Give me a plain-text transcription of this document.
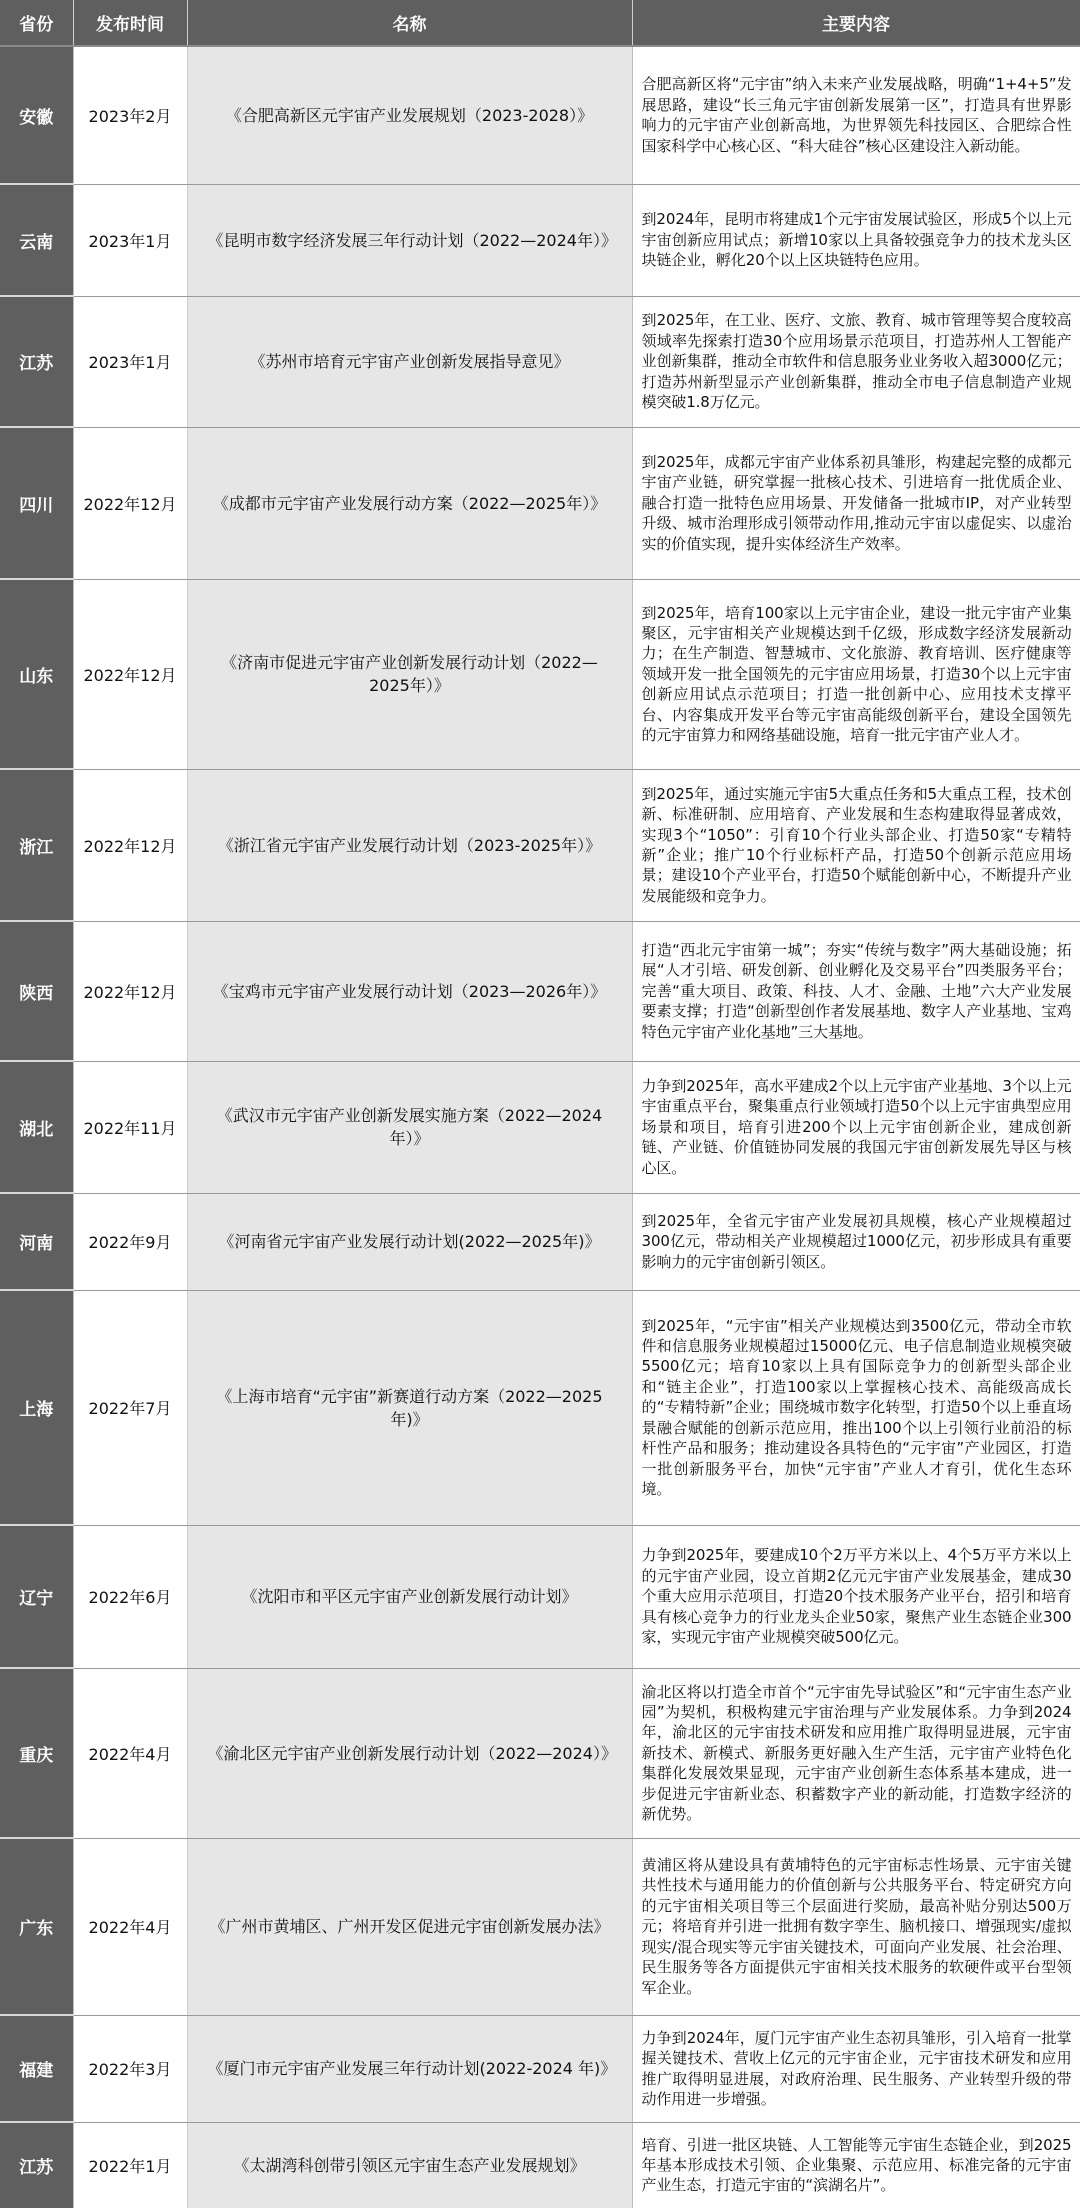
省份	发布时间	名称	主要内容
安徽	2023年2月	《合肥高新区元宇宙产业发展规划（2023-2028）》	合肥高新区将“元宇宙”纳入未来产业发展战略，明确“1+4+5”发展思路，建设“长三角元宇宙创新发展第一区”，打造具有世界影响力的元宇宙产业创新高地，为世界领先科技园区、合肥综合性国家科学中心核心区、“科大硅谷”核心区建设注入新动能。
云南	2023年1月	《昆明市数字经济发展三年行动计划（2022—2024年）》	到2024年，昆明市将建成1个元宇宙发展试验区，形成5个以上元宇宙创新应用试点；新增10家以上具备较强竞争力的技术龙头区块链企业，孵化20个以上区块链特色应用。
江苏	2023年1月	《苏州市培育元宇宙产业创新发展指导意见》	到2025年，在工业、医疗、文旅、教育、城市管理等契合度较高领域率先探索打造30个应用场景示范项目，打造苏州人工智能产业创新集群，推动全市软件和信息服务业业务收入超3000亿元；打造苏州新型显示产业创新集群，推动全市电子信息制造产业规模突破1.8万亿元。
四川	2022年12月	《成都市元宇宙产业发展行动方案（2022—2025年）》	到2025年，成都元宇宙产业体系初具雏形，构建起完整的成都元宇宙产业链，研究掌握一批核心技术、引进培育一批优质企业、融合打造一批特色应用场景、开发储备一批城市IP，对产业转型升级、城市治理形成引领带动作用,推动元宇宙以虚促实、以虚治实的价值实现，提升实体经济生产效率。
山东	2022年12月	《济南市促进元宇宙产业创新发展行动计划（2022—2025年）》	到2025年，培育100家以上元宇宙企业，建设一批元宇宙产业集聚区，元宇宙相关产业规模达到千亿级，形成数字经济发展新动力；在生产制造、智慧城市、文化旅游、教育培训、医疗健康等领域开发一批全国领先的元宇宙应用场景，打造30个以上元宇宙创新应用试点示范项目；打造一批创新中心、应用技术支撑平台、内容集成开发平台等元宇宙高能级创新平台，建设全国领先的元宇宙算力和网络基础设施，培育一批元宇宙产业人才。
浙江	2022年12月	《浙江省元宇宙产业发展行动计划（2023-2025年）》	到2025年，通过实施元宇宙5大重点任务和5大重点工程，技术创新、标准研制、应用培育、产业发展和生态构建取得显著成效，实现3个“1050”：引育10个行业头部企业、打造50家“专精特新”企业；推广10个行业标杆产品，打造50个创新示范应用场景；建设10个产业平台，打造50个赋能创新中心，不断提升产业发展能级和竞争力。
陕西	2022年12月	《宝鸡市元宇宙产业发展行动计划（2023—2026年）》	打造“西北元宇宙第一城”；夯实“传统与数字”两大基础设施；拓展“人才引培、研发创新、创业孵化及交易平台”四类服务平台；完善“重大项目、政策、科技、人才、金融、土地”六大产业发展要素支撑；打造“创新型创作者发展基地、数字人产业基地、宝鸡特色元宇宙产业化基地”三大基地。
湖北	2022年11月	《武汉市元宇宙产业创新发展实施方案（2022—2024年）》	力争到2025年，高水平建成2个以上元宇宙产业基地、3个以上元宇宙重点平台，聚集重点行业领域打造50个以上元宇宙典型应用场景和项目，培育引进200个以上元宇宙创新企业，建成创新链、产业链、价值链协同发展的我国元宇宙创新发展先导区与核心区。
河南	2022年9月	《河南省元宇宙产业发展行动计划(2022—2025年)》	到2025年，全省元宇宙产业发展初具规模，核心产业规模超过300亿元，带动相关产业规模超过1000亿元，初步形成具有重要影响力的元宇宙创新引领区。
上海	2022年7月	《上海市培育“元宇宙”新赛道行动方案（2022—2025年)》	到2025年，“元宇宙”相关产业规模达到3500亿元，带动全市软件和信息服务业规模超过15000亿元、电子信息制造业规模突破5500亿元；培育10家以上具有国际竞争力的创新型头部企业和“链主企业”，打造100家以上掌握核心技术、高能级高成长的“专精特新”企业；围绕城市数字化转型，打造50个以上垂直场景融合赋能的创新示范应用，推出100个以上引领行业前沿的标杆性产品和服务；推动建设各具特色的“元宇宙”产业园区，打造一批创新服务平台，加快“元宇宙”产业人才育引，优化生态环境。
辽宁	2022年6月	《沈阳市和平区元宇宙产业创新发展行动计划》	力争到2025年，要建成10个2万平方米以上、4个5万平方米以上的元宇宙产业园，设立首期2亿元元宇宙产业发展基金，建成30个重大应用示范项目，打造20个技术服务产业平台，招引和培育具有核心竞争力的行业龙头企业50家，聚焦产业生态链企业300家，实现元宇宙产业规模突破500亿元。
重庆	2022年4月	《渝北区元宇宙产业创新发展行动计划（2022—2024）》	渝北区将以打造全市首个“元宇宙先导试验区”和“元宇宙生态产业园”为契机，积极构建元宇宙治理与产业发展体系。力争到2024年，渝北区的元宇宙技术研发和应用推广取得明显进展，元宇宙新技术、新模式、新服务更好融入生产生活，元宇宙产业特色化集群化发展效果显现，元宇宙产业创新生态体系基本建成，进一步促进元宇宙新业态、积蓄数字产业的新动能，打造数字经济的新优势。
广东	2022年4月	《广州市黄埔区、广州开发区促进元宇宙创新发展办法》	黄浦区将从建设具有黄埔特色的元宇宙标志性场景、元宇宙关键共性技术与通用能力的价值创新与公共服务平台、特定研究方向的元宇宙相关项目等三个层面进行奖励，最高补贴分别达500万元；将培育并引进一批拥有数字孪生、脑机接口、增强现实/虚拟现实/混合现实等元宇宙关键技术，可面向产业发展、社会治理、民生服务等各方面提供元宇宙相关技术服务的软硬件或平台型领军企业。
福建	2022年3月	《厦门市元宇宙产业发展三年行动计划(2022-2024 年)》	力争到2024年，厦门元宇宙产业生态初具雏形，引入培育一批掌握关键技术、营收上亿元的元宇宙企业，元宇宙技术研发和应用推广取得明显进展，对政府治理、民生服务、产业转型升级的带动作用进一步增强。
江苏	2022年1月	《太湖湾科创带引领区元宇宙生态产业发展规划》	培育、引进一批区块链、人工智能等元宇宙生态链企业，到2025 年基本形成技术引领、企业集聚、示范应用、标准完备的元宇宙产业生态，打造元宇宙的“滨湖名片”。
